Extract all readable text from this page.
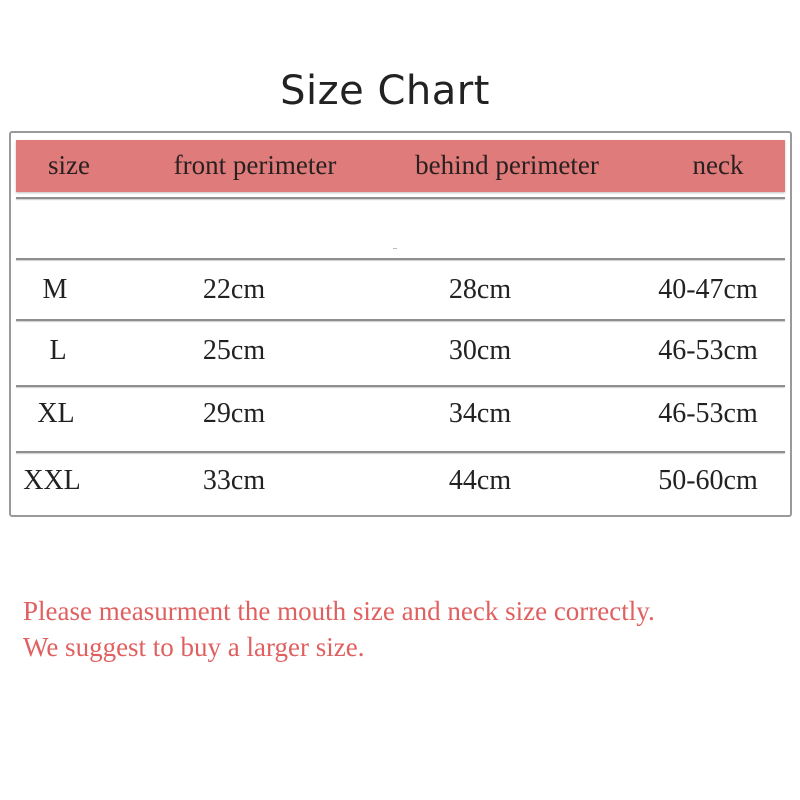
Size Chart
size	front perimeter	behind perimeter	neck
M	22cm	28cm	40-47cm
L	25cm	30cm	46-53cm
XL	29cm	34cm	46-53cm
XXL	33cm	44cm	50-60cm
Please measurment the mouth size and neck size correctly.
We suggest to buy a larger size.
